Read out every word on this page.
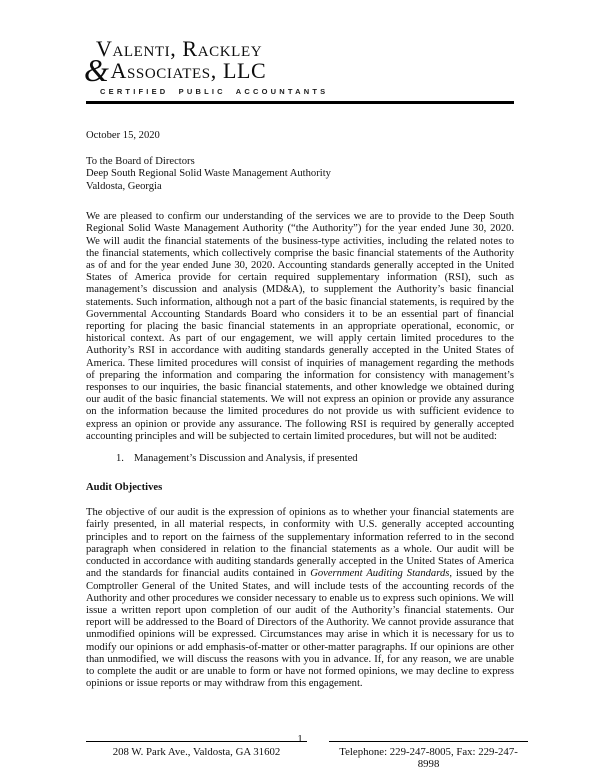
Valenti, Rackley
&Associates, LLC
CERTIFIED PUBLIC ACCOUNTANTS
October 15, 2020
To the Board of Directors
Deep South Regional Solid Waste Management Authority
Valdosta, Georgia
We are pleased to confirm our understanding of the services we are to provide to the Deep South Regional Solid Waste Management Authority (“the Authority”) for the year ended June 30, 2020. We will audit the financial statements of the business-type activities, including the related notes to the financial statements, which collectively comprise the basic financial statements of the Authority as of and for the year ended June 30, 2020. Accounting standards generally accepted in the United States of America provide for certain required supplementary information (RSI), such as management’s discussion and analysis (MD&A), to supplement the Authority’s basic financial statements. Such information, although not a part of the basic financial statements, is required by the Governmental Accounting Standards Board who considers it to be an essential part of financial reporting for placing the basic financial statements in an appropriate operational, economic, or historical context. As part of our engagement, we will apply certain limited procedures to the Authority’s RSI in accordance with auditing standards generally accepted in the United States of America. These limited procedures will consist of inquiries of management regarding the methods of preparing the information and comparing the information for consistency with management’s responses to our inquiries, the basic financial statements, and other knowledge we obtained during our audit of the basic financial statements. We will not express an opinion or provide any assurance on the information because the limited procedures do not provide us with sufficient evidence to express an opinion or provide any assurance. The following RSI is required by generally accepted accounting principles and will be subjected to certain limited procedures, but will not be audited:
1. Management’s Discussion and Analysis, if presented
Audit Objectives
The objective of our audit is the expression of opinions as to whether your financial statements are fairly presented, in all material respects, in conformity with U.S. generally accepted accounting principles and to report on the fairness of the supplementary information referred to in the second paragraph when considered in relation to the financial statements as a whole. Our audit will be conducted in accordance with auditing standards generally accepted in the United States of America and the standards for financial audits contained in Government Auditing Standards, issued by the Comptroller General of the United States, and will include tests of the accounting records of the Authority and other procedures we consider necessary to enable us to express such opinions. We will issue a written report upon completion of our audit of the Authority’s financial statements. Our report will be addressed to the Board of Directors of the Authority. We cannot provide assurance that unmodified opinions will be expressed. Circumstances may arise in which it is necessary for us to modify our opinions or add emphasis-of-matter or other-matter paragraphs. If our opinions are other than unmodified, we will discuss the reasons with you in advance. If, for any reason, we are unable to complete the audit or are unable to form or have not formed opinions, we may decline to express opinions or issue reports or may withdraw from this engagement.
1
208 W. Park Ave., Valdosta, GA 31602	Telephone: 229-247-8005, Fax: 229-247-8998
